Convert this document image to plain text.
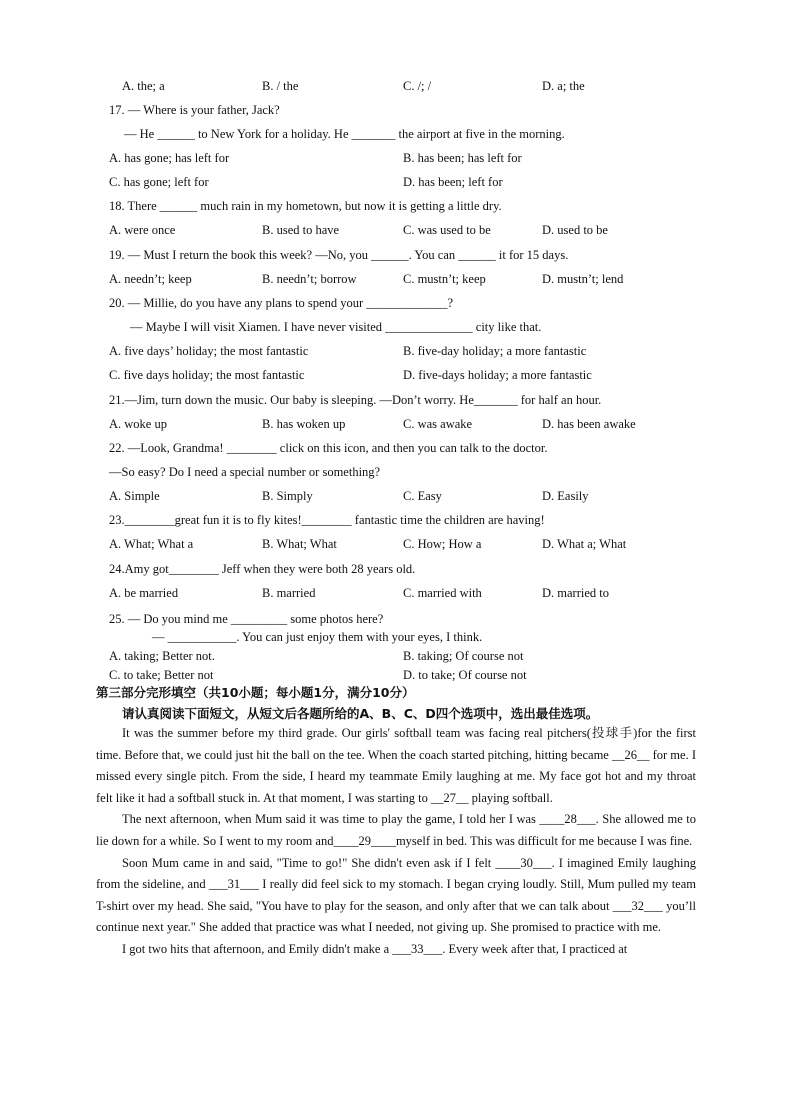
A. the; a	B. / the	C. /; /	D. a; the
17. — Where is your father, Jack?
— He ______ to New York for a holiday. He _______ the airport at five in the morning.
A. has gone; has left for	B. has been; has left for
C. has gone; left for	D. has been; left for
18. There ______ much rain in my hometown, but now it is getting a little dry.
A. were once	B. used to have	C. was used to be	D. used to be
19. — Must I return the book this week? —No, you ______. You can ______ it for 15 days.
A. needn’t; keep	B. needn’t; borrow	C. mustn’t; keep	D. mustn’t; lend
20. — Millie, do you have any plans to spend your _____________?
— Maybe I will visit Xiamen. I have never visited ______________ city like that.
A. five days’ holiday; the most fantastic	B. five-day holiday; a more fantastic
C. five days holiday; the most fantastic	D. five-days holiday; a more fantastic
21.—Jim, turn down the music. Our baby is sleeping. —Don’t worry. He_______ for half an hour.
A. woke up	B. has woken up	C. was awake	D. has been awake
22. —Look, Grandma! ________ click on this icon, and then you can talk to the doctor.
—So easy? Do I need a special number or something?
A. Simple	B. Simply	C. Easy	D. Easily
23.________great fun it is to fly kites!________ fantastic time the children are having!
A. What; What a	B. What; What	C. How; How a	D. What a; What
24.Amy got________ Jeff when they were both 28 years old.
A. be married	B. married	C. married with	D. married to
25. — Do you mind me _________ some photos here?
— ___________. You can just enjoy them with your eyes, I think.
A. taking; Better not.	B. taking; Of course not
C. to take; Better not	D. to take; Of course not
第三部分完形填空（共10小题；每小题1分，满分10分）
请认真阅读下面短文，从短文后各题所给的A、B、C、D四个选项中，选出最佳选项。

It was the summer before my third grade. Our girls' softball team was facing real pitchers(投球手)for the first time. Before that, we could just hit the ball on the tee. When the coach started pitching, hitting became __26__ for me. I missed every single pitch. From the side, I heard my teammate Emily laughing at me. My face got hot and my throat felt like it had a softball stuck in. At that moment, I was starting to __27__ playing softball.

The next afternoon, when Mum said it was time to play the game, I told her I was ____28___. She allowed me to lie down for a while. So I went to my room and____29____myself in bed. This was difficult for me because I was fine.

Soon Mum came in and said, "Time to go!" She didn't even ask if I felt ____30___. I imagined Emily laughing from the sideline, and ___31___ I really did feel sick to my stomach. I began crying loudly. Still, Mum pulled my team T-shirt over my head. She said, "You have to play for the season, and only after that we can talk about ___32___ you’ll continue next year." She added that practice was what I needed, not giving up. She promised to practice with me.

I got two hits that afternoon, and Emily didn't make a ___33___. Every week after that, I practiced at
